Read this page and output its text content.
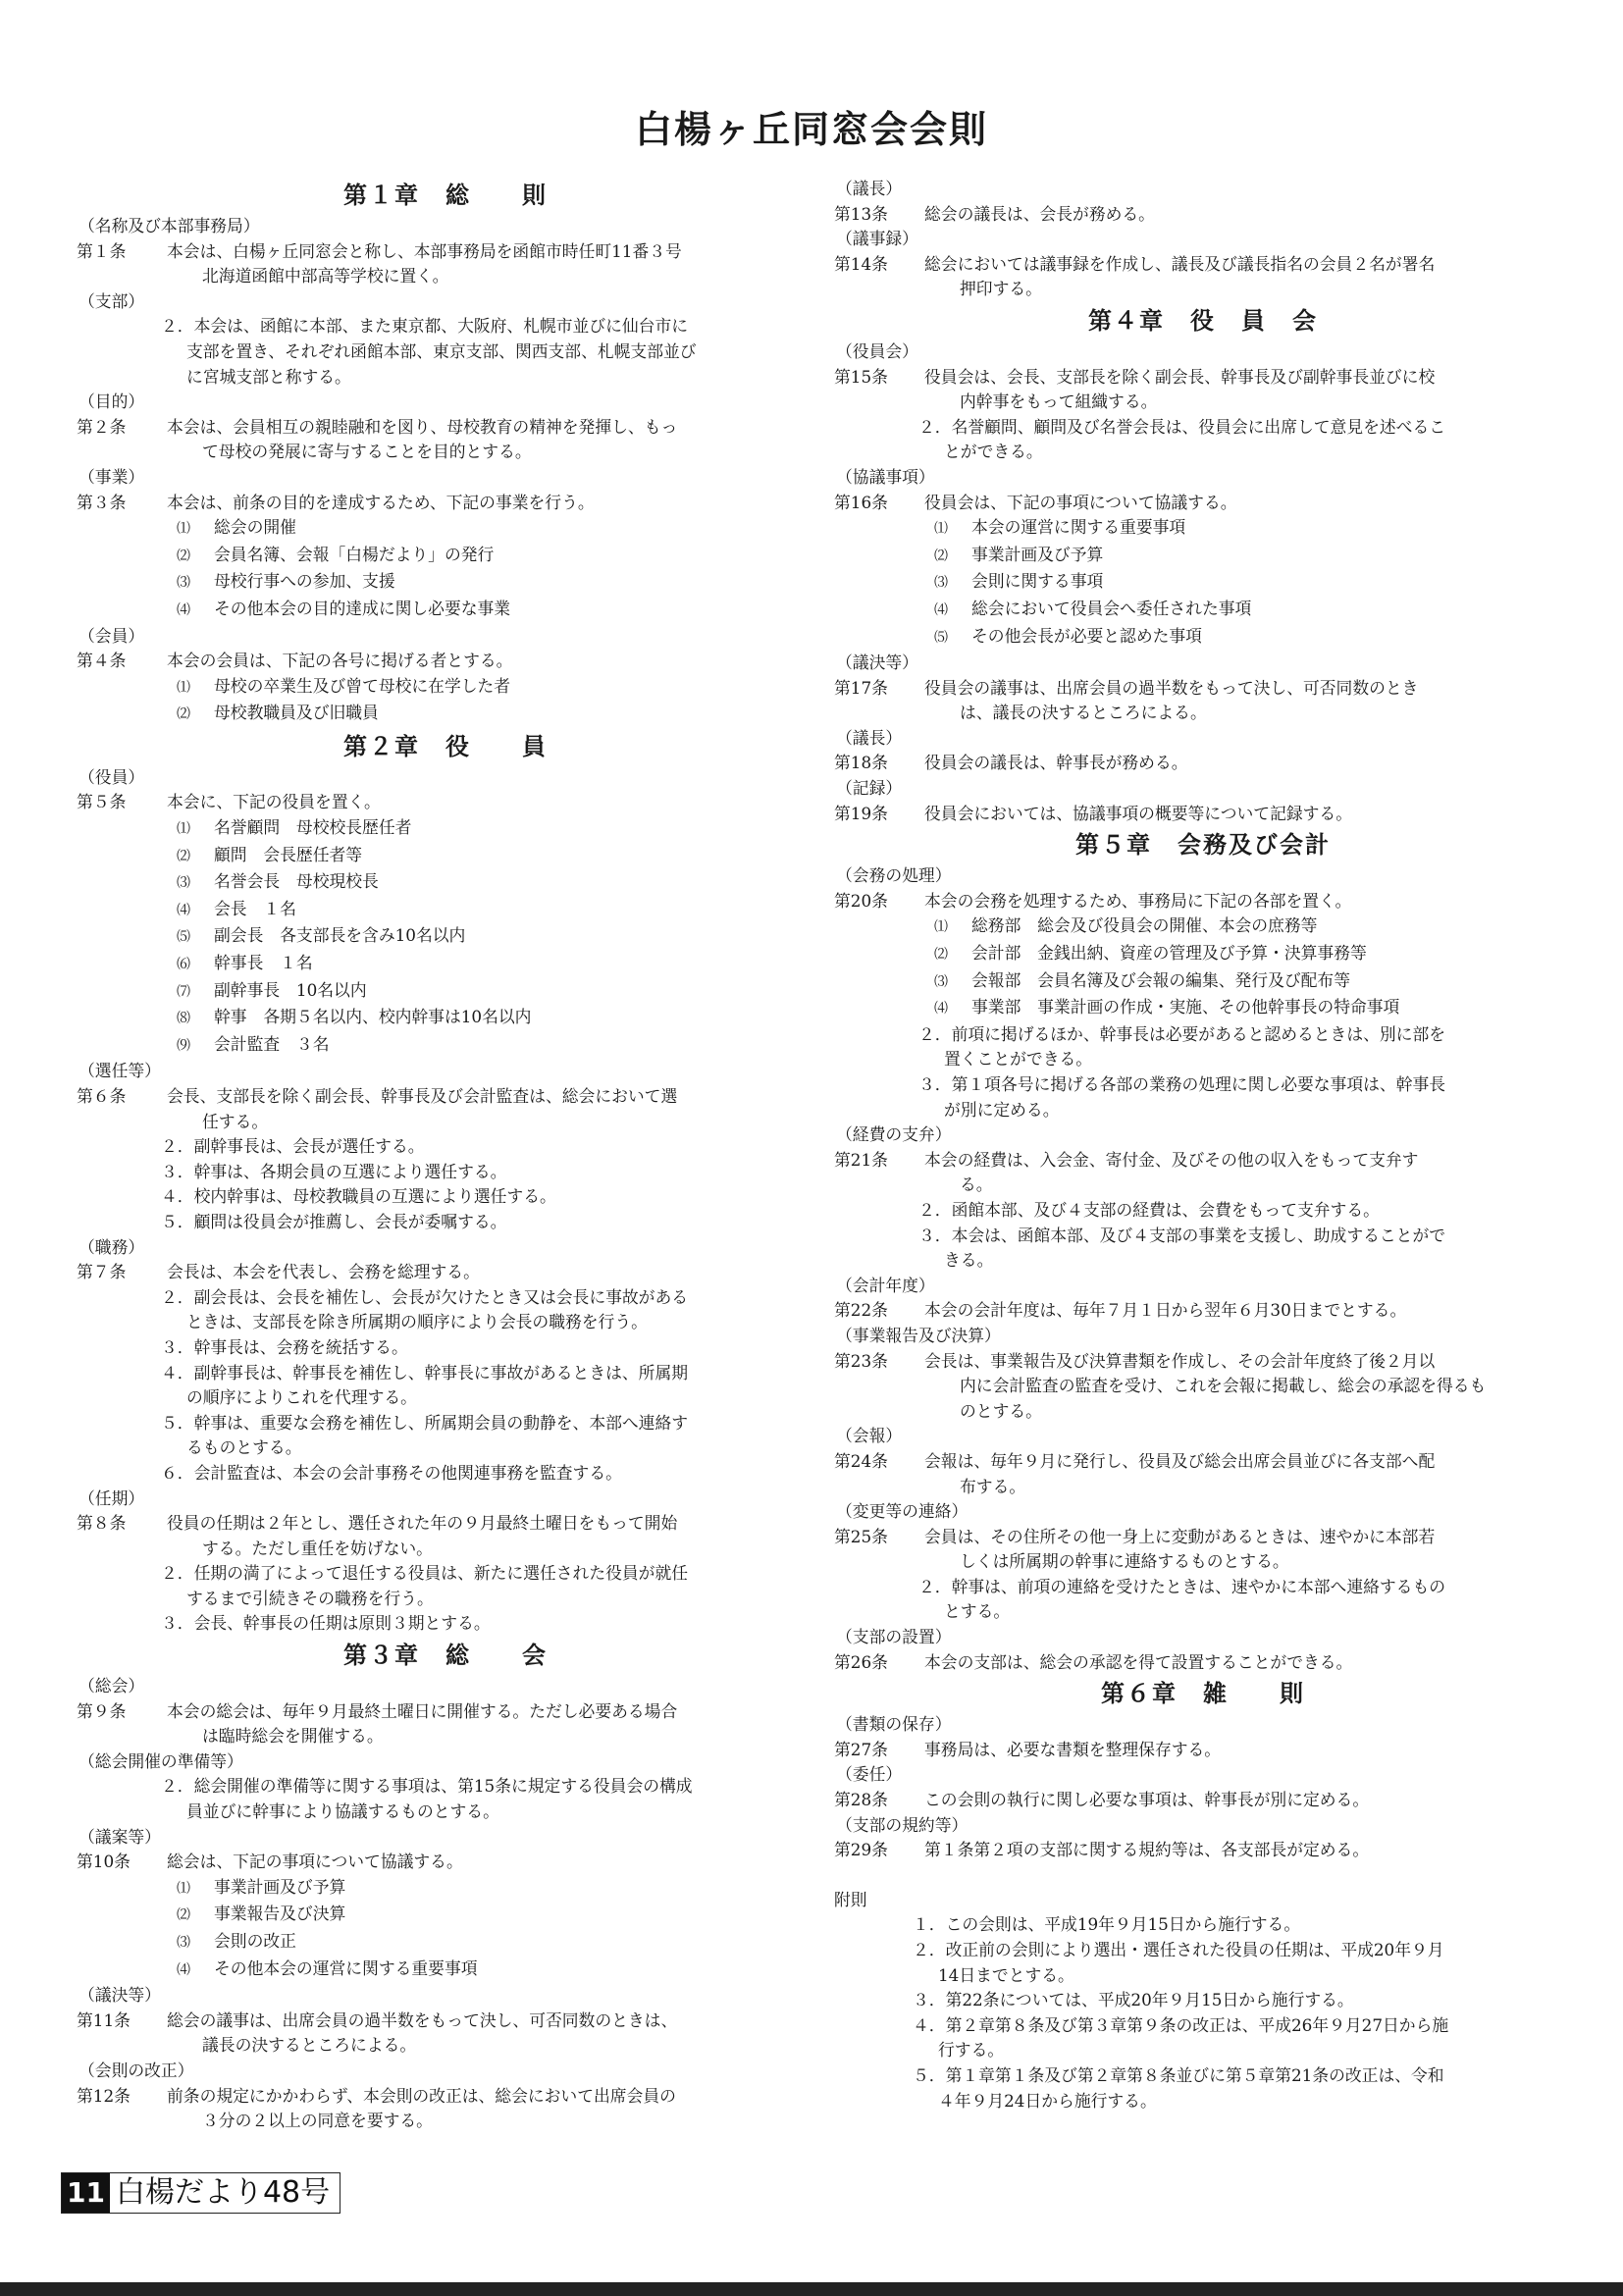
白楊ヶ丘同窓会会則
第１章　総　　則
（名称及び本部事務局）
第１条	本会は、白楊ヶ丘同窓会と称し、本部事務局を函館市時任町11番３号
北海道函館中部高等学校に置く。
（支部）
２．本会は、函館に本部、また東京都、大阪府、札幌市並びに仙台市に
支部を置き、それぞれ函館本部、東京支部、関西支部、札幌支部並び
に宮城支部と称する。
（目的）
第２条	本会は、会員相互の親睦融和を図り、母校教育の精神を発揮し、もっ
て母校の発展に寄与することを目的とする。
（事業）
第３条	本会は、前条の目的を達成するため、下記の事業を行う。
⑴ 総会の開催
⑵ 会員名簿、会報「白楊だより」の発行
⑶ 母校行事への参加、支援
⑷ その他本会の目的達成に関し必要な事業
（会員）
第４条	本会の会員は、下記の各号に掲げる者とする。
⑴ 母校の卒業生及び曾て母校に在学した者
⑵ 母校教職員及び旧職員
第２章　役　　員
（役員）
第５条	本会に、下記の役員を置く。
⑴ 名誉顧問　母校校長歴任者
⑵ 顧問　会長歴任者等
⑶ 名誉会長　母校現校長
⑷ 会長　１名
⑸ 副会長　各支部長を含み10名以内
⑹ 幹事長　１名
⑺ 副幹事長　10名以内
⑻ 幹事　各期５名以内、校内幹事は10名以内
⑼ 会計監査　３名
（選任等）
第６条	会長、支部長を除く副会長、幹事長及び会計監査は、総会において選
任する。
２．副幹事長は、会長が選任する。
３．幹事は、各期会員の互選により選任する。
４．校内幹事は、母校教職員の互選により選任する。
５．顧問は役員会が推薦し、会長が委嘱する。
（職務）
第７条	会長は、本会を代表し、会務を総理する。
２．副会長は、会長を補佐し、会長が欠けたとき又は会長に事故がある
ときは、支部長を除き所属期の順序により会長の職務を行う。
３．幹事長は、会務を統括する。
４．副幹事長は、幹事長を補佐し、幹事長に事故があるときは、所属期
の順序によりこれを代理する。
５．幹事は、重要な会務を補佐し、所属期会員の動静を、本部へ連絡す
るものとする。
６．会計監査は、本会の会計事務その他関連事務を監査する。
（任期）
第８条	役員の任期は２年とし、選任された年の９月最終土曜日をもって開始
する。ただし重任を妨げない。
２．任期の満了によって退任する役員は、新たに選任された役員が就任
するまで引続きその職務を行う。
３．会長、幹事長の任期は原則３期とする。
第３章　総　　会
（総会）
第９条	本会の総会は、毎年９月最終土曜日に開催する。ただし必要ある場合
は臨時総会を開催する。
（総会開催の準備等）
２．総会開催の準備等に関する事項は、第15条に規定する役員会の構成
員並びに幹事により協議するものとする。
（議案等）
第10条	総会は、下記の事項について協議する。
⑴ 事業計画及び予算
⑵ 事業報告及び決算
⑶ 会則の改正
⑷ その他本会の運営に関する重要事項
（議決等）
第11条	総会の議事は、出席会員の過半数をもって決し、可否同数のときは、
議長の決するところによる。
（会則の改正）
第12条	前条の規定にかかわらず、本会則の改正は、総会において出席会員の
３分の２以上の同意を要する。
（議長）
第13条	総会の議長は、会長が務める。
（議事録）
第14条	総会においては議事録を作成し、議長及び議長指名の会員２名が署名
押印する。
第４章　役　員　会
（役員会）
第15条	役員会は、会長、支部長を除く副会長、幹事長及び副幹事長並びに校
内幹事をもって組織する。
２．名誉顧問、顧問及び名誉会長は、役員会に出席して意見を述べるこ
とができる。
（協議事項）
第16条	役員会は、下記の事項について協議する。
⑴ 本会の運営に関する重要事項
⑵ 事業計画及び予算
⑶ 会則に関する事項
⑷ 総会において役員会へ委任された事項
⑸ その他会長が必要と認めた事項
（議決等）
第17条	役員会の議事は、出席会員の過半数をもって決し、可否同数のとき
は、議長の決するところによる。
（議長）
第18条	役員会の議長は、幹事長が務める。
（記録）
第19条	役員会においては、協議事項の概要等について記録する。
第５章　会務及び会計
（会務の処理）
第20条	本会の会務を処理するため、事務局に下記の各部を置く。
⑴ 総務部　総会及び役員会の開催、本会の庶務等
⑵ 会計部　金銭出納、資産の管理及び予算・決算事務等
⑶ 会報部　会員名簿及び会報の編集、発行及び配布等
⑷ 事業部　事業計画の作成・実施、その他幹事長の特命事項
２．前項に掲げるほか、幹事長は必要があると認めるときは、別に部を
置くことができる。
３．第１項各号に掲げる各部の業務の処理に関し必要な事項は、幹事長
が別に定める。
（経費の支弁）
第21条	本会の経費は、入会金、寄付金、及びその他の収入をもって支弁す
る。
２．函館本部、及び４支部の経費は、会費をもって支弁する。
３．本会は、函館本部、及び４支部の事業を支援し、助成することがで
きる。
（会計年度）
第22条	本会の会計年度は、毎年７月１日から翌年６月30日までとする。
（事業報告及び決算）
第23条	会長は、事業報告及び決算書類を作成し、その会計年度終了後２月以
内に会計監査の監査を受け、これを会報に掲載し、総会の承認を得るも
のとする。
（会報）
第24条	会報は、毎年９月に発行し、役員及び総会出席会員並びに各支部へ配
布する。
（変更等の連絡）
第25条	会員は、その住所その他一身上に変動があるときは、速やかに本部若
しくは所属期の幹事に連絡するものとする。
２．幹事は、前項の連絡を受けたときは、速やかに本部へ連絡するもの
とする。
（支部の設置）
第26条	本会の支部は、総会の承認を得て設置することができる。
第６章　雑　　則
（書類の保存）
第27条	事務局は、必要な書類を整理保存する。
（委任）
第28条	この会則の執行に関し必要な事項は、幹事長が別に定める。
（支部の規約等）
第29条	第１条第２項の支部に関する規約等は、各支部長が定める。
附則
１．この会則は、平成19年９月15日から施行する。
２．改正前の会則により選出・選任された役員の任期は、平成20年９月
14日までとする。
３．第22条については、平成20年９月15日から施行する。
４．第２章第８条及び第３章第９条の改正は、平成26年９月27日から施
行する。
５．第１章第１条及び第２章第８条並びに第５章第21条の改正は、令和
４年９月24日から施行する。
11 白楊だより48号
